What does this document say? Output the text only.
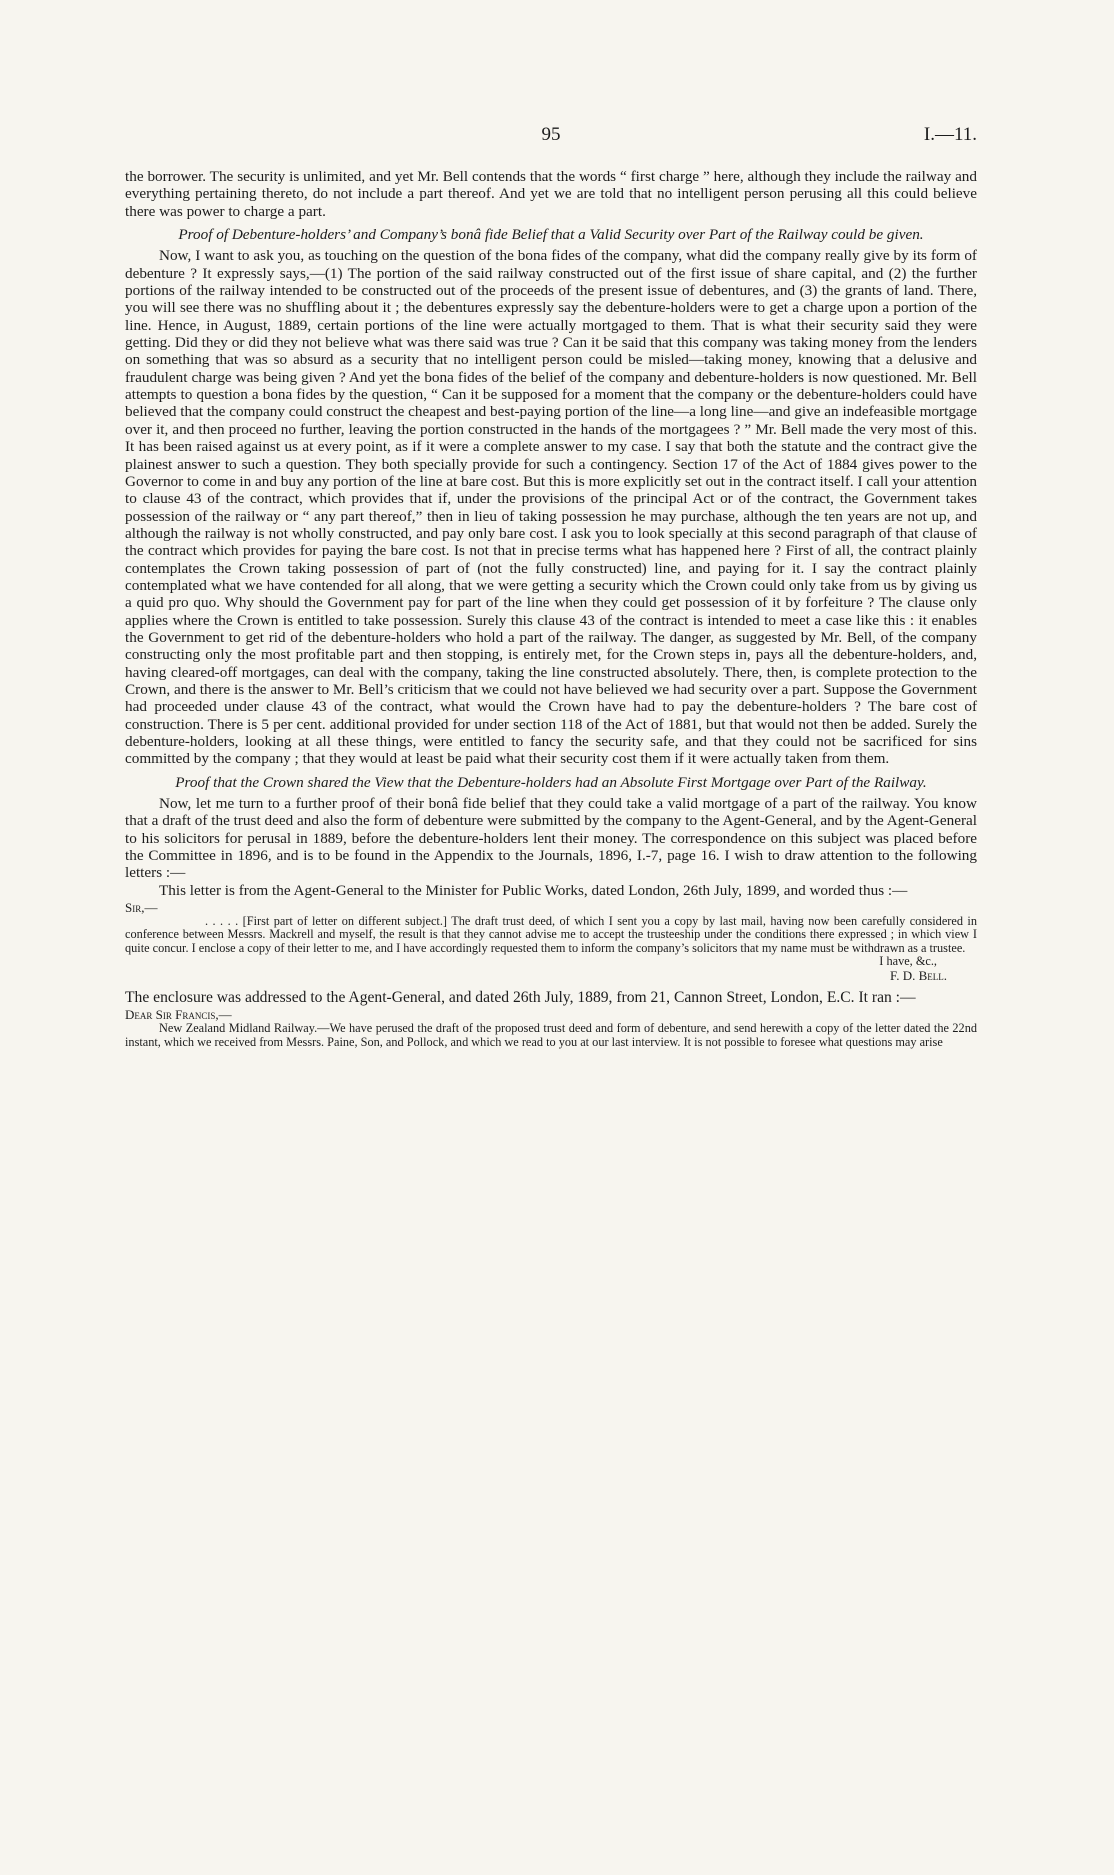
95	I.—11.

the borrower. The security is unlimited, and yet Mr. Bell contends that the words “ first charge ” here, although they include the railway and everything pertaining thereto, do not include a part thereof. And yet we are told that no intelligent person perusing all this could believe there was power to charge a part.

Proof of Debenture-holders’ and Company’s bonâ fide Belief that a Valid Security over Part of the Railway could be given.

Now, I want to ask you, as touching on the question of the bona fides of the company, what did the company really give by its form of debenture ? It expressly says,—(1) The portion of the said railway constructed out of the first issue of share capital, and (2) the further portions of the railway intended to be constructed out of the proceeds of the present issue of debentures, and (3) the grants of land. There, you will see there was no shuffling about it ; the debentures expressly say the debenture-holders were to get a charge upon a portion of the line. Hence, in August, 1889, certain portions of the line were actually mortgaged to them. That is what their security said they were getting. Did they or did they not believe what was there said was true ? Can it be said that this company was taking money from the lenders on something that was so absurd as a security that no intelligent person could be misled—taking money, knowing that a delusive and fraudulent charge was being given ? And yet the bona fides of the belief of the company and debenture-holders is now questioned. Mr. Bell attempts to question a bona fides by the question, “ Can it be supposed for a moment that the company or the debenture-holders could have believed that the company could construct the cheapest and best-paying portion of the line—a long line—and give an indefeasible mortgage over it, and then proceed no further, leaving the portion constructed in the hands of the mortgagees ? ” Mr. Bell made the very most of this. It has been raised against us at every point, as if it were a complete answer to my case. I say that both the statute and the contract give the plainest answer to such a question. They both specially provide for such a contingency. Section 17 of the Act of 1884 gives power to the Governor to come in and buy any portion of the line at bare cost. But this is more explicitly set out in the contract itself. I call your attention to clause 43 of the contract, which provides that if, under the provisions of the principal Act or of the contract, the Government takes possession of the railway or “ any part thereof,” then in lieu of taking possession he may purchase, although the ten years are not up, and although the railway is not wholly constructed, and pay only bare cost. I ask you to look specially at this second paragraph of that clause of the contract which provides for paying the bare cost. Is not that in precise terms what has happened here ? First of all, the contract plainly contemplates the Crown taking possession of part of (not the fully constructed) line, and paying for it. I say the contract plainly contemplated what we have contended for all along, that we were getting a security which the Crown could only take from us by giving us a quid pro quo. Why should the Government pay for part of the line when they could get possession of it by forfeiture ? The clause only applies where the Crown is entitled to take possession. Surely this clause 43 of the contract is intended to meet a case like this : it enables the Government to get rid of the debenture-holders who hold a part of the railway. The danger, as suggested by Mr. Bell, of the company constructing only the most profitable part and then stopping, is entirely met, for the Crown steps in, pays all the debenture-holders, and, having cleared-off mortgages, can deal with the company, taking the line constructed absolutely. There, then, is complete protection to the Crown, and there is the answer to Mr. Bell’s criticism that we could not have believed we had security over a part. Suppose the Government had proceeded under clause 43 of the contract, what would the Crown have had to pay the debenture-holders ? The bare cost of construction. There is 5 per cent. additional provided for under section 118 of the Act of 1881, but that would not then be added. Surely the debenture-holders, looking at all these things, were entitled to fancy the security safe, and that they could not be sacrificed for sins committed by the company ; that they would at least be paid what their security cost them if it were actually taken from them.

Proof that the Crown shared the View that the Debenture-holders had an Absolute First Mortgage over Part of the Railway.

Now, let me turn to a further proof of their bonâ fide belief that they could take a valid mortgage of a part of the railway. You know that a draft of the trust deed and also the form of debenture were submitted by the company to the Agent-General, and by the Agent-General to his solicitors for perusal in 1889, before the debenture-holders lent their money. The correspondence on this subject was placed before the Committee in 1896, and is to be found in the Appendix to the Journals, 1896, I.-7, page 16. I wish to draw attention to the following letters :—

This letter is from the Agent-General to the Minister for Public Works, dated London, 26th July, 1899, and worded thus :—

Sir,—

. . . . . [First part of letter on different subject.] The draft trust deed, of which I sent you a copy by last mail, having now been carefully considered in conference between Messrs. Mackrell and myself, the result is that they cannot advise me to accept the trusteeship under the conditions there expressed ; in which view I quite concur. I enclose a copy of their letter to me, and I have accordingly requested them to inform the company’s solicitors that my name must be withdrawn as a trustee.

I have, &c.,
F. D. Bell.

The enclosure was addressed to the Agent-General, and dated 26th July, 1889, from 21, Cannon Street, London, E.C. It ran :—

Dear Sir Francis,—

New Zealand Midland Railway.—We have perused the draft of the proposed trust deed and form of debenture, and send herewith a copy of the letter dated the 22nd instant, which we received from Messrs. Paine, Son, and Pollock, and which we read to you at our last interview. It is not possible to foresee what questions may arise
